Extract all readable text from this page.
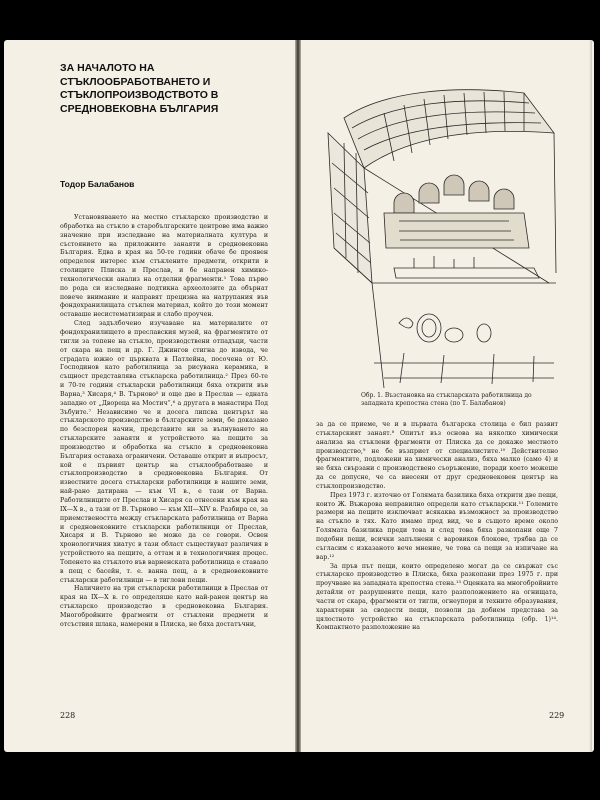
ЗА НАЧАЛОТО НА СТЪКЛООБРАБОТВАНЕТО И СТЪКЛОПРОИЗВОДСТВОТО В СРЕДНОВЕКОВНА БЪЛГАРИЯ
Тодор Балабанов

Установяването на местно стъкларско производство и обработка на стъкло в старобългарските центрове има важно значение при изследване на материалната култура и състоянието на приложните занаяти в средновековна България. Едва в края на 50-те години обаче бе проявен определен интерес към стъклените предмети, открити в столиците Плиска и Преслав, и бе направен химико-технологически анализ на отделни фрагменти.¹ Това първо по рода си изследване подтикна археолозите да обърнат повече внимание и направят прецизна на натрупания във фондохранилищата стъклен материал, който до този момент оставаше несистематизиран и слабо проучен.

След задълбочено изучаване на материалите от фондохранилището в преславския музей, на фрагментите от тигли за топене на стъкло, производствени отпадъци, части от скара на пещ и др. Г. Джингов стигна до извода, че сградата южно от църквата в Патлейна, посочена от Ю. Господинов като работилница за рисувана керамика, в същност представлява стъкларска работилница.² През 60-те и 70-те години стъкларски работилници бяха открити във Варна,³ Хисаря,⁴ В. Търново⁵ и още две в Преслав — едната западно от „Двореца на Мостич“,⁶ а другата в манастира Под Зъбуите.⁷ Независимо че и досега липсва центърът на стъкларското производство в българските земи, бе доказано по безспорен начин, представите ни за вълнуването на стъкларските занаяти и устройството на пещите за производство и обработка на стъкло в средновековна България оставаха ограничени. Оставаше открит и въпросът, кой е първият център на стъклообработване и стъклопроизводство в средновековна България. От известните досега стъкларски работилници в нашите земи, най-рано датирана — към VI в., е тази от Варна. Работилниците от Преслав и Хисаря са отнесени към края на IX—X в., а тази от В. Търново — към XII—XIV в. Разбира се, за приемствеността между стъкларската работилница от Варна и средновековните стъкларски работилници от Преслав, Хисаря и В. Търново не може да се говори. Освен хронологичния хиатус в тази област съществуват различия в устройството на пещите, а оттам и в технологичния процес. Топенето на стъклото във варненската работилница е ставало в пещ с басейн, т. е. ванна пещ, а в средновековните стъкларски работилници — в тиглови пещи.

Наличието на три стъкларски работилници в Преслав от края на IX—X в. го определяше като най-ранен център на стъкларско производство в средновековна България. Многобройните фрагменти от стъклени предмети и отсъствия шлака, намерени в Плиска, не бяха достатъчни,

228

Обр. 1. Възстановка на стъкларската работилница до западната крепостна стена (по Т. Балабанов)

за да се приеме, че и в първата българска столица е бил развит стъкларският занаят.⁸ Опитът въз основа на няколко химически анализа на стъклени фрагменти от Плиска да се докаже местното производство,⁹ не бе възприет от специалистите.¹⁰ Действително фрагментите, подложени на химически анализ, бяха малко (само 4) и не бяха свързани с производствено съоръжение, поради което можеше да се допусне, че са внесени от друг средновековен център на стъклопроизводство.

През 1973 г. източно от Голямата базилика бяха открити две пещи, които Ж. Въжарова неправилно определи като стъкларски.¹¹ Големите размери на пещите изключват всякаква възможност за производство на стъкло в тях. Като имаме пред вид, че в същото време около Голямата базилика преди това и след това бяха разкопани още 7 подобни пещи, всички запълнени с варовиков блокове, трябва да се съгласим с изказаното вече мнение, че това са пещи за изпичане на вар.¹²

За пръв път пещи, които определено могат да се свържат със стъкларско производство в Плиска, бяха разкопани през 1975 г. при проучване на западната крепостна стена.¹³ Оценката на многобройните детайли от разрушените пещи, като разположението на огнищата, части от скара, фрагменти от тигли, огнеупори и техните образувания, характерни за сводести пещи, позволи да добием представа за цялостното устройство на стъкларската работилница (обр. 1)¹⁴. Компактното разположение на

229
